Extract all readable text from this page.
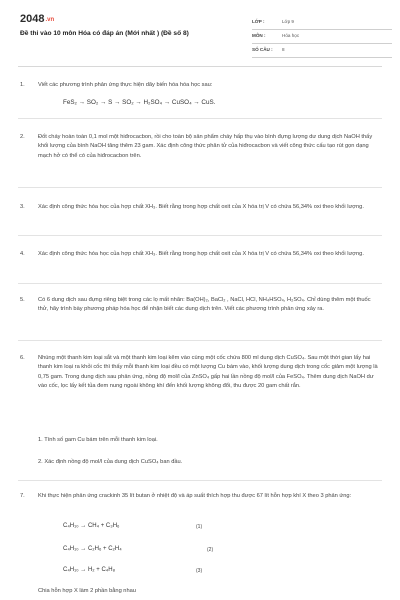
2048.vn
Đề thi vào 10 môn Hóa có đáp án (Mới nhất ) (Đề số 8)
LỚP :	Lớp 9
MÔN :	Hóa học
SỐ CÂU : 8
1. Viết các phương trình phản ứng thực hiện dãy biến hóa hóa học sau:
FeS₂ → SO₂ → S → SO₂ → H₂SO₄ → CuSO₄ → CuS.
2. Đốt cháy hoàn toàn 0,1 mol một hiđrocacbon, rồi cho toàn bộ sản phẩm cháy hấp thụ vào bình đựng lượng dư dung dịch NaOH thấy khối lượng của bình NaOH tăng thêm 23 gam. Xác định công thức phân tử của hiđrocacbon và viết công thức cấu tạo rút gọn dạng mạch hở có thể có của hiđrocacbon trên.
3. Xác định công thức hóa học của hợp chất XH₃. Biết rằng trong hợp chất oxit của X hóa trị V có chứa 56,34% oxi theo khối lượng.
4. Xác định công thức hóa học của hợp chất XH₃. Biết rằng trong hợp chất oxit của X hóa trị V có chứa 56,34% oxi theo khối lượng.
5. Có 6 dung dịch sau đựng riêng biệt trong các lọ mất nhãn: Ba(OH)₂, BaCl₂ , NaCl, HCl, NH₄HSO₄, H₂SO₄. Chỉ dùng thêm một thuốc thử, hãy trình bày phương pháp hóa học để nhận biết các dung dịch trên. Viết các phương trình phản ứng xảy ra.
6. Nhúng một thanh kim loại sắt và một thanh kim loại kẽm vào cùng một cốc chứa 800 ml dung dịch CuSO₄. Sau một thời gian lấy hai thanh kim loại ra khỏi cốc thì thấy mỗi thanh kim loại đều có một lượng Cu bám vào, khối lượng dung dịch trong cốc giảm một lượng là 0,75 gam. Trong dung dịch sau phản ứng, nồng độ mol/l của ZnSO₄ gấp hai lần nồng độ mol/l của FeSO₄. Thêm dung dịch NaOH dư vào cốc, lọc lấy kết tủa đem nung ngoài không khí đến khối lượng không đổi, thu được 20 gam chất rắn.
1. Tính số gam Cu bám trên mỗi thanh kim loại.
2. Xác định nồng độ mol/l của dung dịch CuSO₄ ban đầu.
7. Khi thực hiện phản ứng crackinh 35 lít butan ở nhiệt độ và áp suất thích hợp thu được 67 lít hỗn hợp khí X theo 3 phản ứng:
C₄H₁₀ → CH₄ + C₃H₆	(1)
C₄H₁₀ → C₂H₆ + C₂H₄	(2)
C₄H₁₀ → H₂ + C₄H₈	(3)
Chia hỗn hợp X làm 2 phần bằng nhau
